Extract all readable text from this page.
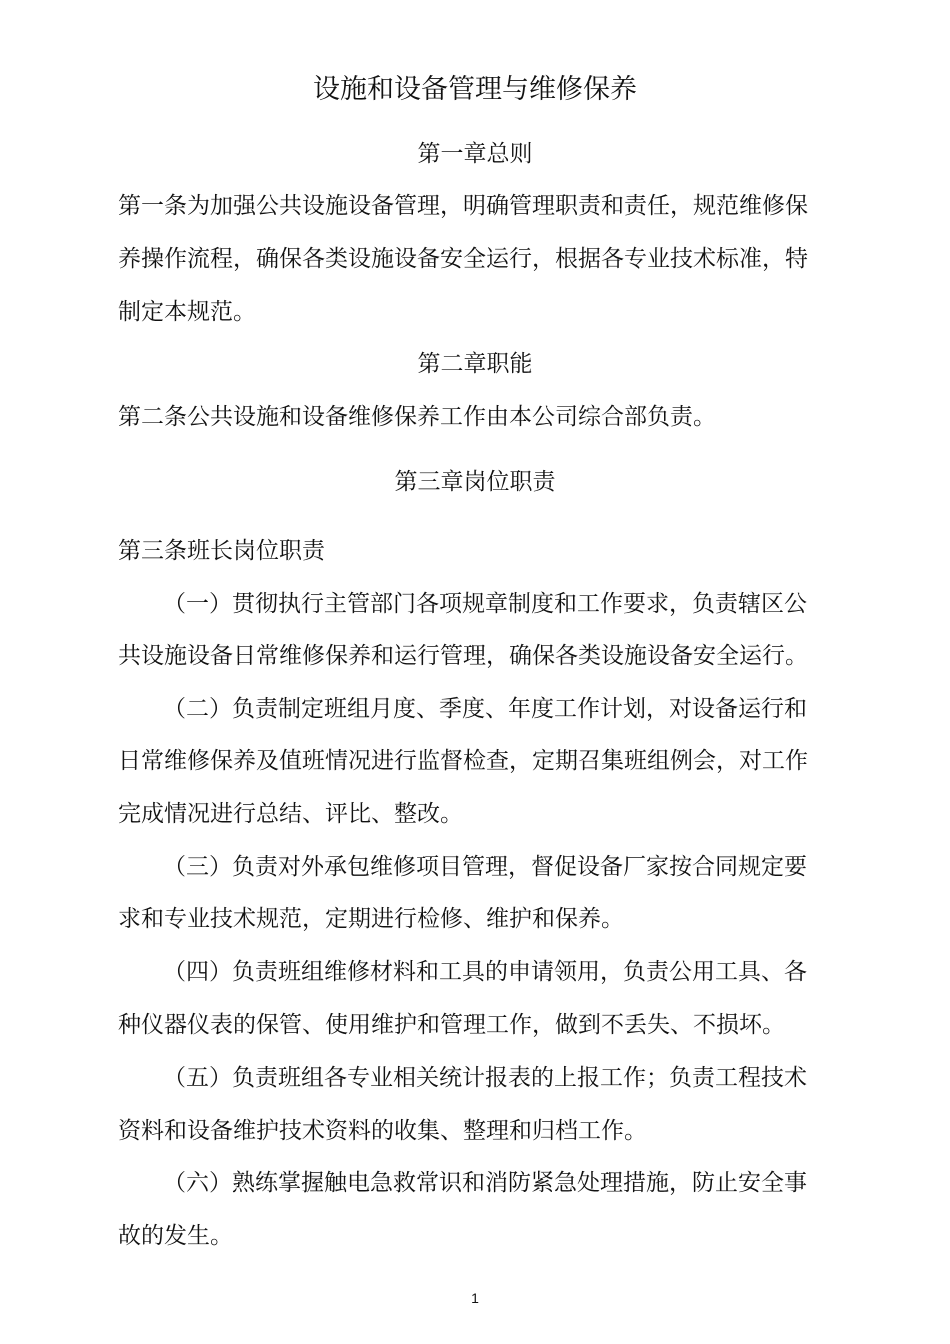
设施和设备管理与维修保养
第一章总则
第一条为加强公共设施设备管理，明确管理职责和责任，规范维修保
养操作流程，确保各类设施设备安全运行，根据各专业技术标准，特
制定本规范。
第二章职能
第二条公共设施和设备维修保养工作由本公司综合部负责。
第三章岗位职责
第三条班长岗位职责
（一）贯彻执行主管部门各项规章制度和工作要求，负责辖区公
共设施设备日常维修保养和运行管理，确保各类设施设备安全运行。
（二）负责制定班组月度、季度、年度工作计划，对设备运行和
日常维修保养及值班情况进行监督检查，定期召集班组例会，对工作
完成情况进行总结、评比、整改。
（三）负责对外承包维修项目管理，督促设备厂家按合同规定要
求和专业技术规范，定期进行检修、维护和保养。
（四）负责班组维修材料和工具的申请领用，负责公用工具、各
种仪器仪表的保管、使用维护和管理工作，做到不丢失、不损坏。
（五）负责班组各专业相关统计报表的上报工作；负责工程技术
资料和设备维护技术资料的收集、整理和归档工作。
（六）熟练掌握触电急救常识和消防紧急处理措施，防止安全事
故的发生。
1
